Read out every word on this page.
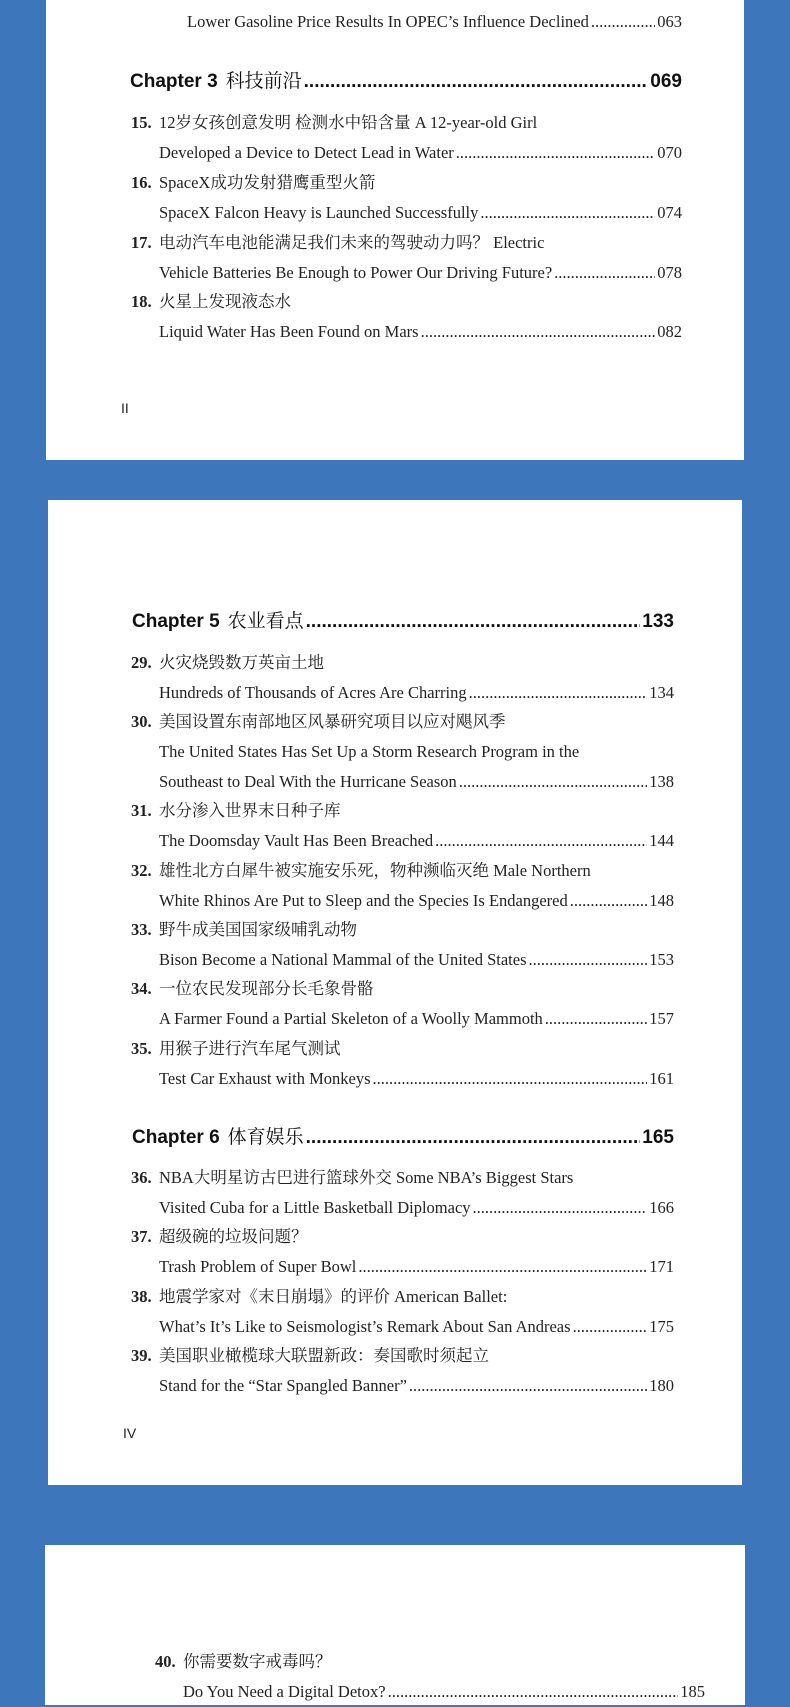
Lower Gasoline Price Results In OPEC’s Influence Declined .....	063
Chapter 3 科技前沿 .....	069
15. 12岁女孩创意发明 检测水中铅含量 A 12-year-old Girl
Developed a Device to Detect Lead in Water .....	070
16. SpaceX成功发射猎鹰重型火箭
SpaceX Falcon Heavy is Launched Successfully .....	074
17. 电动汽车电池能满足我们未来的驾驶动力吗？ Electric
Vehicle Batteries Be Enough to Power Our Driving Future? .....	078
18. 火星上发现液态水
Liquid Water Has Been Found on Mars .....	082
II
Chapter 5 农业看点 .....	133
29. 火灾烧毁数万英亩土地
Hundreds of Thousands of Acres Are Charring .....	134
30. 美国设置东南部地区风暴研究项目以应对飓风季
The United States Has Set Up a Storm Research Program in the
Southeast to Deal With the Hurricane Season .....	138
31. 水分渗入世界末日种子库
The Doomsday Vault Has Been Breached .....	144
32. 雄性北方白犀牛被实施安乐死，物种濒临灭绝 Male Northern
White Rhinos Are Put to Sleep and the Species Is Endangered .....	148
33. 野牛成美国国家级哺乳动物
Bison Become a National Mammal of the United States .....	153
34. 一位农民发现部分长毛象骨骼
A Farmer Found a Partial Skeleton of a Woolly Mammoth .....	157
35. 用猴子进行汽车尾气测试
Test Car Exhaust with Monkeys .....	161
Chapter 6 体育娱乐 .....	165
36. NBA大明星访古巴进行篮球外交 Some NBA’s Biggest Stars
Visited Cuba for a Little Basketball Diplomacy .....	166
37. 超级碗的垃圾问题？
Trash Problem of Super Bowl .....	171
38. 地震学家对《末日崩塌》的评价 American Ballet:
What’s It’s Like to Seismologist’s Remark About San Andreas .....	175
39. 美国职业橄榄球大联盟新政：奏国歌时须起立
Stand for the “Star Spangled Banner” .....	180
IV
40. 你需要数字戒毒吗？
Do You Need a Digital Detox? .....	185
